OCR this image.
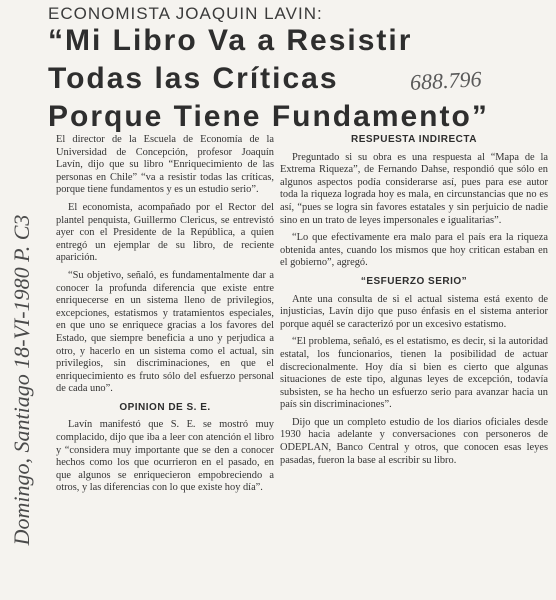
ECONOMISTA JOAQUIN LAVIN:
“Mi Libro Va a Resistir
Todas las Críticas
Porque Tiene Fundamento”
688.796
Domingo, Santiago 18-VI-1980 P. C3

El director de la Escuela de Economía de la Universidad de Concepción, profesor Joaquín Lavín, dijo que su libro “Enriquecimiento de las personas en Chile” “va a resistir todas las críticas, porque tiene fundamentos y es un estudio serio”.

El economista, acompañado por el Rector del plantel penquista, Guillermo Clericus, se entrevistó ayer con el Presidente de la República, a quien entregó un ejemplar de su libro, de reciente aparición.

“Su objetivo, señaló, es fundamentalmente dar a conocer la profunda diferencia que existe entre enriquecerse en un sistema lleno de privilegios, excepciones, estatismos y tratamientos especiales, en que uno se enriquece gracias a los favores del Estado, que siempre beneficia a uno y perjudica a otro, y hacerlo en un sistema como el actual, sin privilegios, sin discriminaciones, en que el enriquecimiento es fruto sólo del esfuerzo personal de cada uno”.

OPINION DE S. E.

Lavín manifestó que S. E. se mostró muy complacido, dijo que iba a leer con atención el libro y “considera muy importante que se den a conocer hechos como los que ocurrieron en el pasado, en que algunos se enriquecieron empobreciendo a otros, y las diferencias con lo que existe hoy día”.

RESPUESTA INDIRECTA

Preguntado si su obra es una respuesta al “Mapa de la Extrema Riqueza”, de Fernando Dahse, respondió que sólo en algunos aspectos podía considerarse así, pues para ese autor toda la riqueza lograda hoy es mala, en circunstancias que no es así, “pues se logra sin favores estatales y sin perjuicio de nadie sino en un trato de leyes impersonales e igualitarias”.

“Lo que efectivamente era malo para el país era la riqueza obtenida antes, cuando los mismos que hoy critican estaban en el gobierno”, agregó.

“ESFUERZO SERIO”

Ante una consulta de si el actual sistema está exento de injusticias, Lavín dijo que puso énfasis en el sistema anterior porque aquél se caracterizó por un excesivo estatismo.

“El problema, señaló, es el estatismo, es decir, si la autoridad estatal, los funcionarios, tienen la posibilidad de actuar discrecionalmente. Hoy día si bien es cierto que algunas situaciones de este tipo, algunas leyes de excepción, todavía subsisten, se ha hecho un esfuerzo serio para avanzar hacia un país sin discriminaciones”.

Dijo que un completo estudio de los diarios oficiales desde 1930 hacia adelante y conversaciones con personeros de ODEPLAN, Banco Central y otros, que conocen esas leyes pasadas, fueron la base al escribir su libro.
